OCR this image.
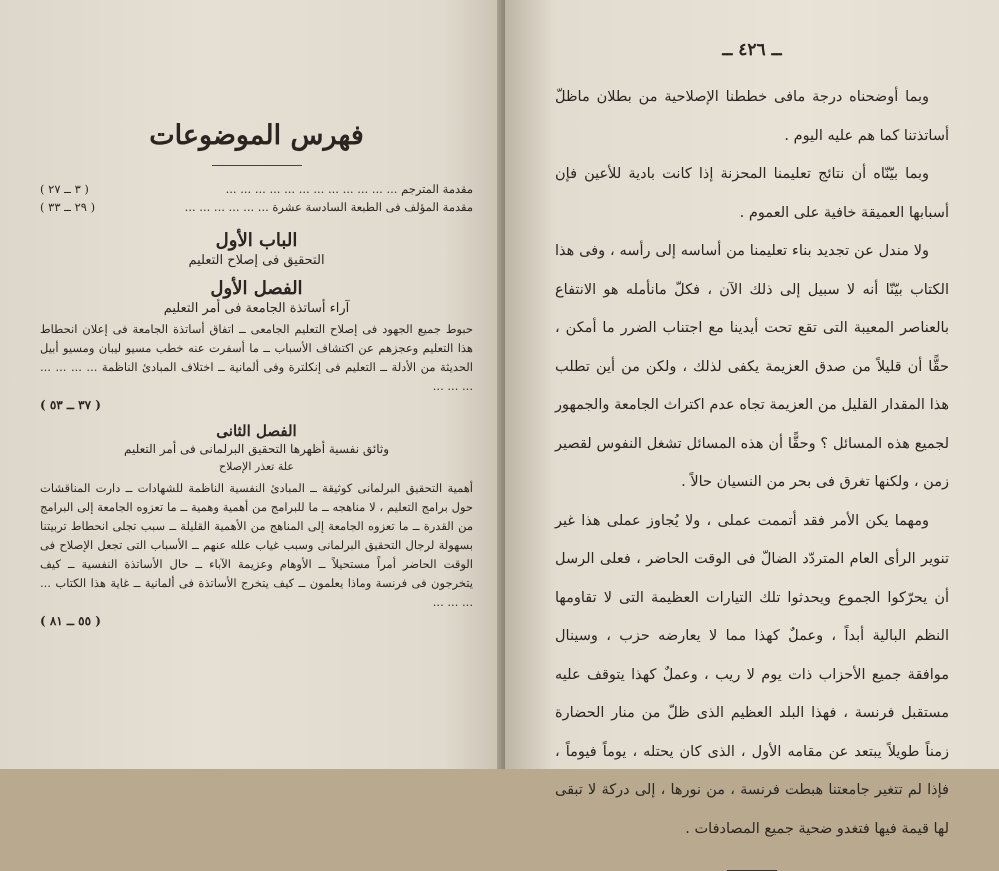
فهرس الموضوعات
( ٣ ــ ٢٧ )	مقدمة المترجم ... ... ... ... ... ... ... ... ... ... ... ...
( ٢٩ ــ ٣٣ )	مقدمة المؤلف فى الطبعة السادسة عشرة ... ... ... ... ... ...
الباب الأول
التحقيق فى إصلاح التعليم
الفصل الأول
آراء أساتذة الجامعة فى أمر التعليم
حبوط جميع الجهود فى إصلاح التعليم الجامعى ــ اتفاق أساتذة الجامعة فى إعلان انحطاط هذا التعليم وعجزهم عن اكتشاف الأسباب ــ ما أسفرت عنه خطب مسيو ليبان ومسيو أبيل الحديثة من الأدلة ــ التعليم فى إنكلترة وفى ألمانية ــ اختلاف المبادئ الناظمة ... ... ... ... ... ... ...
( ٣٧ ــ ٥٣ )
الفصل الثانى
وثائق نفسية أظهرها التحقيق البرلمانى فى أمر التعليم
علة تعذر الإصلاح
أهمية التحقيق البرلمانى كوثيقة ــ المبادئ النفسية الناظمة للشهادات ــ دارت المناقشات حول برامج التعليم ، لا مناهجه ــ ما للبرامج من أهمية وهمية ــ ما تعزوه الجامعة إلى البرامج من القدرة ــ ما تعزوه الجامعة إلى المناهج من الأهمية القليلة ــ سبب تجلى انحطاط تربيتنا بسهولة لرجال التحقيق البرلمانى وسبب غياب علله عنهم ــ الأسباب التى تجعل الإصلاح فى الوقت الحاضر أمراً مستحيلاً ــ الأوهام وعزيمة الآباء ــ حال الأساتذة النفسية ــ كيف يتخرجون فى فرنسة وماذا يعلمون ــ كيف يتخرج الأساتذة فى ألمانية ــ غاية هذا الكتاب ... ... ... ...
( ٥٥ ــ ٨١ )
ــ ٤٢٦ ــ

وبما أوضحناه درجة مافى خططنا الإصلاحية من بطلان ماظلّ أساتذتنا كما هم عليه اليوم .

وبما بيّنّاه أن نتائج تعليمنا المحزنة إذا كانت بادية للأعين فإن أسبابها العميقة خافية على العموم .

ولا مندل عن تجديد بناء تعليمنا من أساسه إلى رأسه ، وفى هذا الكتاب بيّنّا أنه لا سبيل إلى ذلك الآن ، فكلّ مانأمله هو الانتفاع بالعناصر المعيبة التى تقع تحت أيدينا مع اجتناب الضرر ما أمكن ، حقًّا أن قليلاً من صدق العزيمة يكفى لذلك ، ولكن من أين تطلب هذا المقدار القليل من العزيمة تجاه عدم اكتراث الجامعة والجمهور لجميع هذه المسائل ؟ وحقًّا أن هذه المسائل تشغل النفوس لقصير زمن ، ولكنها تغرق فى بحر من النسيان حالاً .

ومهما يكن الأمر فقد أتممت عملى ، ولا يُجاوز عملى هذا غير تنوير الرأى العام المتردّد الضالّ فى الوقت الحاضر ، فعلى الرسل أن يحرّكوا الجموع ويحدثوا تلك التيارات العظيمة التى لا تقاومها النظم البالية أبداً ، وعملٌ كهذا مما لا يعارضه حزب ، وسينال موافقة جميع الأحزاب ذات يوم لا ريب ، وعملٌ كهذا يتوقف عليه مستقبل فرنسة ، فهذا البلد العظيم الذى ظلّ من منار الحضارة زمناً طويلاً يبتعد عن مقامه الأول ، الذى كان يحتله ، يوماً فيوماً ، فإذا لم تتغير جامعتنا هبطت فرنسة ، من نورها ، إلى دركة لا تبقى لها قيمة فيها فتغدو ضحية جميع المصادفات .
